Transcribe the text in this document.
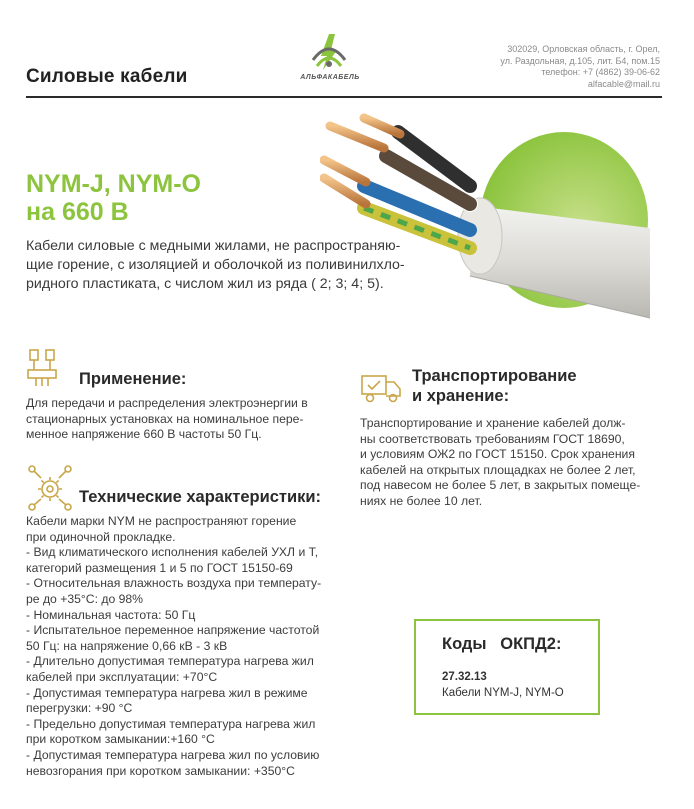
Силовые кабели	АЛЬФАКАБЕЛЬ
302029, Орловская область, г. Орел,
ул. Раздольная, д.105, лит. Б4, пом.15
телефон: +7 (4862) 39-06-62
alfacable@mail.ru
NYM-J, NYM-O
на 660 В
Кабели силовые с медными жилами, не распространяю-
щие горение, с изоляцией и оболочкой из поливинилхло-
ридного пластиката, с числом жил из ряда ( 2; 3; 4; 5).
Применение:
Для передачи и распределения электроэнергии в
стационарных установках на номинальное пере-
менное напряжение 660 В частоты 50 Гц.
Технические характеристики:
Кабели марки NYM не распространяют горение
при одиночной прокладке.
- Вид климатического исполнения кабелей УХЛ и Т,
категорий размещения 1 и 5 по ГОСТ 15150-69
- Относительная влажность воздуха при температу-
ре до +35°С: до 98%
- Номинальная частота: 50 Гц
- Испытательное переменное напряжение частотой
50 Гц: на напряжение 0,66 кВ - 3 кВ
- Длительно допустимая температура нагрева жил
кабелей при эксплуатации: +70°С
- Допустимая температура нагрева жил в режиме
перегрузки: +90 °С
- Предельно допустимая температура нагрева жил
при коротком замыкании:+160 °С
- Допустимая температура нагрева жил по условию
невозгорания при коротком замыкании: +350°С
Транспортирование
и хранение:
Транспортирование и хранение кабелей долж-
ны соответствовать требованиям ГОСТ 18690,
и условиям ОЖ2 по ГОСТ 15150. Срок хранения
кабелей на открытых площадках не более 2 лет,
под навесом не более 5 лет, в закрытых помеще-
ниях не более 10 лет.
Коды   ОКПД2:
27.32.13
Кабели NYM-J, NYM-O
